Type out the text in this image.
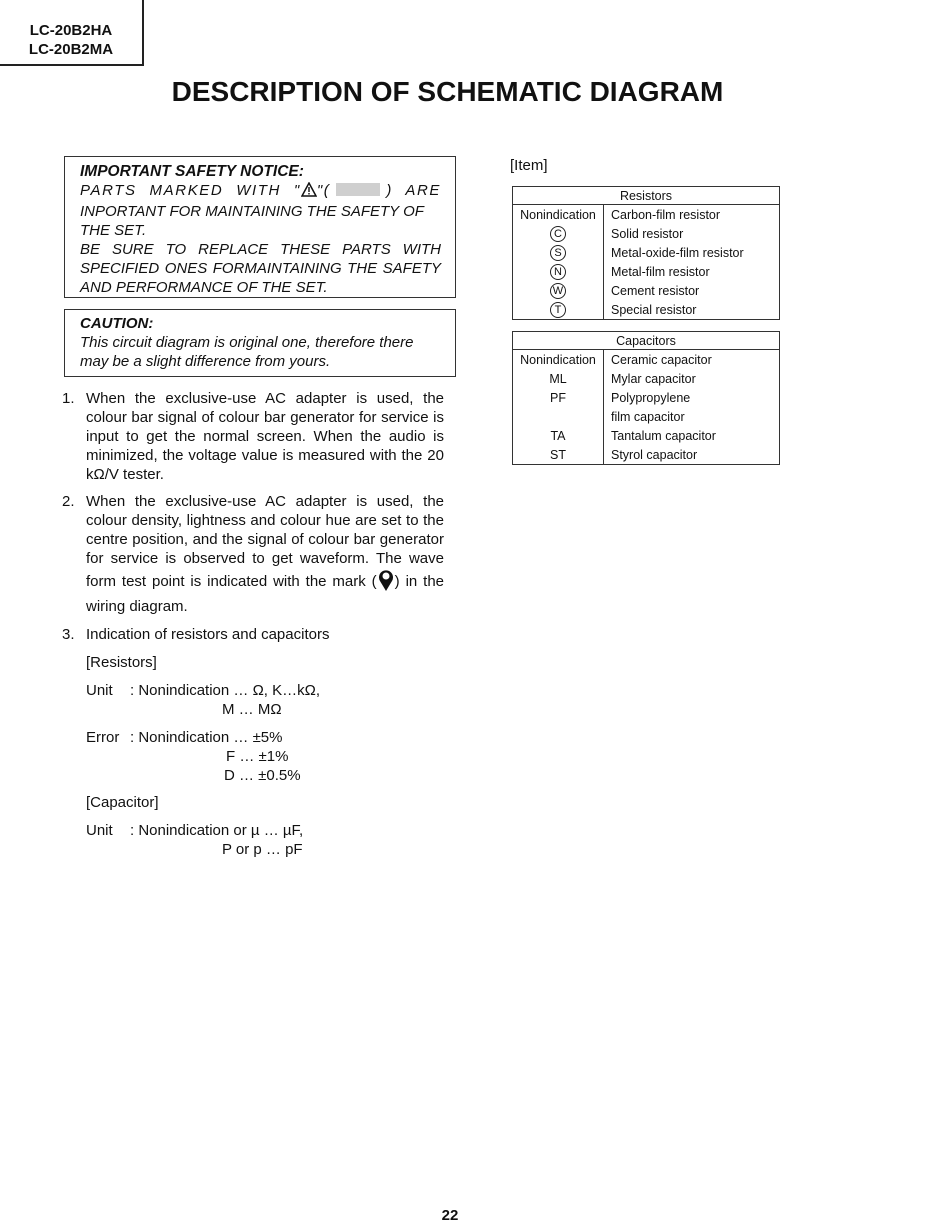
LC-20B2HA
LC-20B2MA
DESCRIPTION OF SCHEMATIC DIAGRAM
IMPORTANT SAFETY NOTICE:
PARTS MARKED WITH " "(	) ARE
INPORTANT FOR MAINTAINING THE SAFETY OF THE SET.
BE SURE TO REPLACE THESE PARTS WITH SPECIFIED ONES FORMAINTAINING THE SAFETY AND PERFORMANCE OF THE SET.
CAUTION:
This circuit diagram is original one, therefore there may be a slight difference from yours.
1. When the exclusive-use AC adapter is used, the colour bar signal of colour bar generator for service is input to get the normal screen. When the audio is minimized, the voltage value is measured with the 20 kΩ/V tester.
2. When the exclusive-use AC adapter is used, the colour density, lightness and colour hue are set to the centre position, and the signal of colour bar generator for service is observed to get waveform. The wave form test point is indicated with the mark ( ) in the wiring diagram.
3. Indication of resistors and capacitors
[Resistors]
Unit : Nonindication … Ω, K…kΩ,
M … MΩ
Error : Nonindication … ±5%
F … ±1%
D … ±0.5%
[Capacitor]
Unit : Nonindication or µ … µF,
P or p … pF
[Item]
Resistors	
Nonindication	Carbon-film resistor
C	Solid resistor
S	Metal-oxide-film resistor
N	Metal-film resistor
W	Cement resistor
T	Special resistor
Capacitors	
Nonindication	Ceramic capacitor
ML	Mylar capacitor
PF	Polypropylene
	film capacitor
TA	Tantalum capacitor
ST	Styrol capacitor
22
